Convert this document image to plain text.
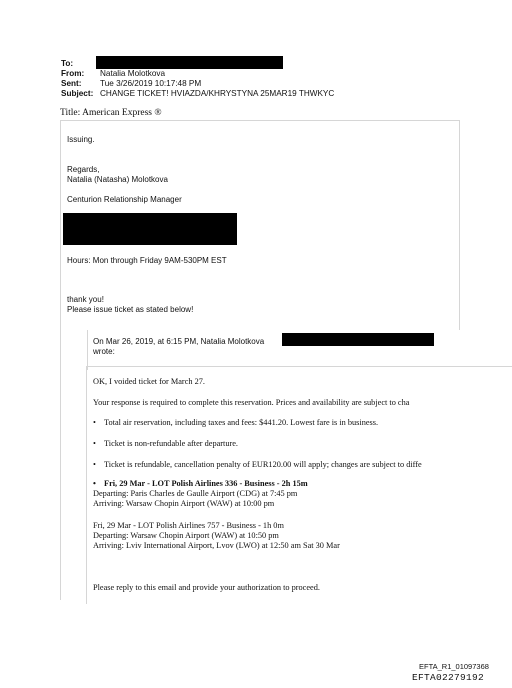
To:
From: Natalia Molotkova
Sent: Tue 3/26/2019 10:17:48 PM
Subject: CHANGE TICKET! HVIAZDA/KHRYSTYNA 25MAR19 THWKYC
Title: American Express ®
Issuing.
Regards,
Natalia (Natasha) Molotkova
Centurion Relationship Manager
Hours: Mon through Friday 9AM-530PM EST
thank you!
Please issue ticket as stated below!
On Mar 26, 2019, at 6:15 PM, Natalia Molotkova
wrote:
OK, I voided ticket for March 27.
Your response is required to complete this reservation. Prices and availability are subject to cha
• Total air reservation, including taxes and fees: $441.20. Lowest fare is in business.
• Ticket is non-refundable after departure.
• Ticket is refundable, cancellation penalty of EUR120.00 will apply; changes are subject to diffe
• Fri, 29 Mar - LOT Polish Airlines 336 - Business - 2h 15m
Departing: Paris Charles de Gaulle Airport (CDG) at 7:45 pm
Arriving: Warsaw Chopin Airport (WAW) at 10:00 pm
Fri, 29 Mar - LOT Polish Airlines 757 - Business - 1h 0m
Departing: Warsaw Chopin Airport (WAW) at 10:50 pm
Arriving: Lviv International Airport, Lvov (LWO) at 12:50 am Sat 30 Mar
Please reply to this email and provide your authorization to proceed.
EFTA_R1_01097368
EFTA02279192
